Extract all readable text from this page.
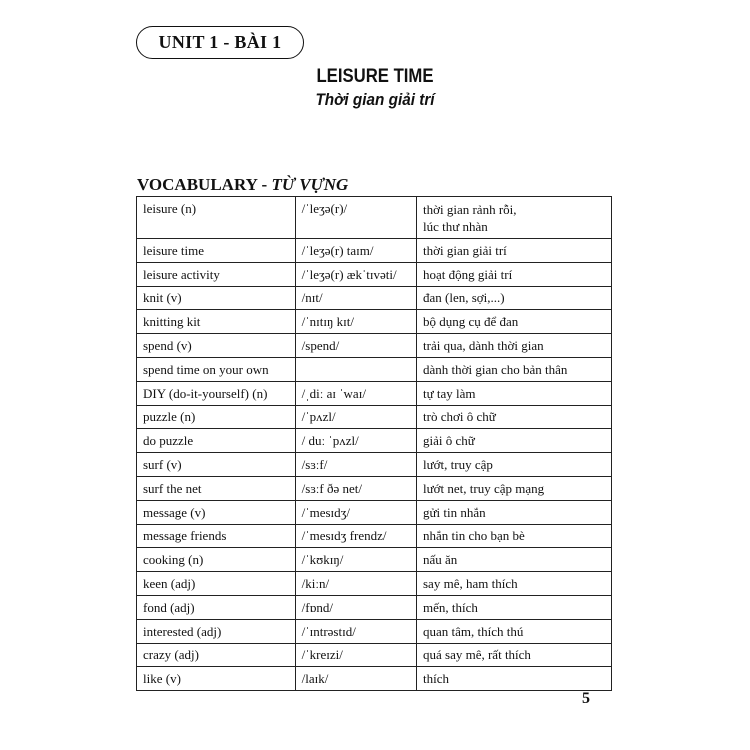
UNIT 1 - BÀI 1
LEISURE TIME
Thời gian giải trí
VOCABULARY - TỪ VỰNG
leisure (n)	/ˈleʒə(r)/	thời gian rảnh rỗi,
lúc thư nhàn

leisure time	/ˈleʒə(r) taɪm/	thời gian giải trí
leisure activity	/ˈleʒə(r) ækˈtɪvəti/	hoạt động giải trí
knit (v)	/nɪt/	đan (len, sợi,...)
knitting kit	/ˈnɪtɪŋ kɪt/	bộ dụng cụ để đan
spend (v)	/spend/	trải qua, dành thời gian
spend time on your own		dành thời gian cho bản thân
DIY (do-it-yourself) (n)	/ˌdiː aɪ ˈwaɪ/	tự tay làm
puzzle (n)	/ˈpʌzl/	trò chơi ô chữ
do puzzle	/ duː ˈpʌzl/	giải ô chữ
surf (v)	/sɜːf/	lướt, truy cập
surf the net	/sɜːf ðə net/	lướt net, truy cập mạng
message (v)	/ˈmesɪdʒ/	gửi tin nhắn
message friends	/ˈmesɪdʒ frendz/	nhắn tin cho bạn bè
cooking (n)	/ˈkʊkɪŋ/	nấu ăn
keen (adj)	/kiːn/	say mê, ham thích
fond (adj)	/fɒnd/	mến, thích
interested (adj)	/ˈɪntrəstɪd/	quan tâm, thích thú
crazy (adj)	/ˈkreɪzi/	quá say mê, rất thích
like (v)	/laɪk/	thích
5
